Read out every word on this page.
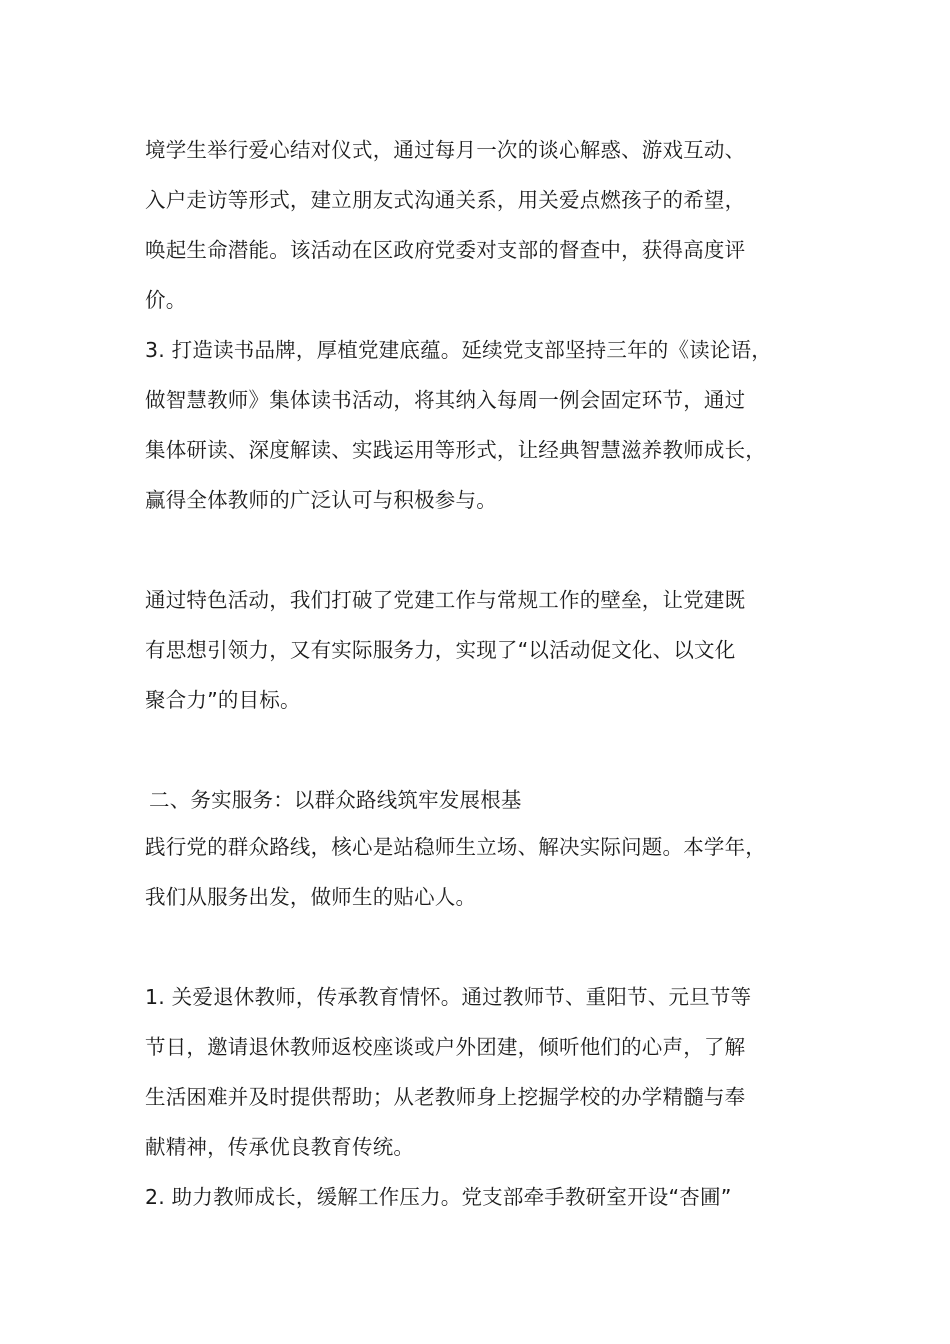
境学生举行爱心结对仪式，通过每月一次的谈心解惑、游戏互动、
入户走访等形式，建立朋友式沟通关系，用关爱点燃孩子的希望，
唤起生命潜能。该活动在区政府党委对支部的督查中，获得高度评
价。
3. 打造读书品牌，厚植党建底蕴。延续党支部坚持三年的《读论语，
做智慧教师》集体读书活动，将其纳入每周一例会固定环节，通过
集体研读、深度解读、实践运用等形式，让经典智慧滋养教师成长，
赢得全体教师的广泛认可与积极参与。
通过特色活动，我们打破了党建工作与常规工作的壁垒，让党建既
有思想引领力，又有实际服务力，实现了“以活动促文化、以文化
聚合力”的目标。
二、务实服务：以群众路线筑牢发展根基
践行党的群众路线，核心是站稳师生立场、解决实际问题。本学年，
我们从服务出发，做师生的贴心人。
1. 关爱退休教师，传承教育情怀。通过教师节、重阳节、元旦节等
节日，邀请退休教师返校座谈或户外团建，倾听他们的心声，了解
生活困难并及时提供帮助；从老教师身上挖掘学校的办学精髓与奉
献精神，传承优良教育传统。
2. 助力教师成长，缓解工作压力。党支部牵手教研室开设“杏圃”
